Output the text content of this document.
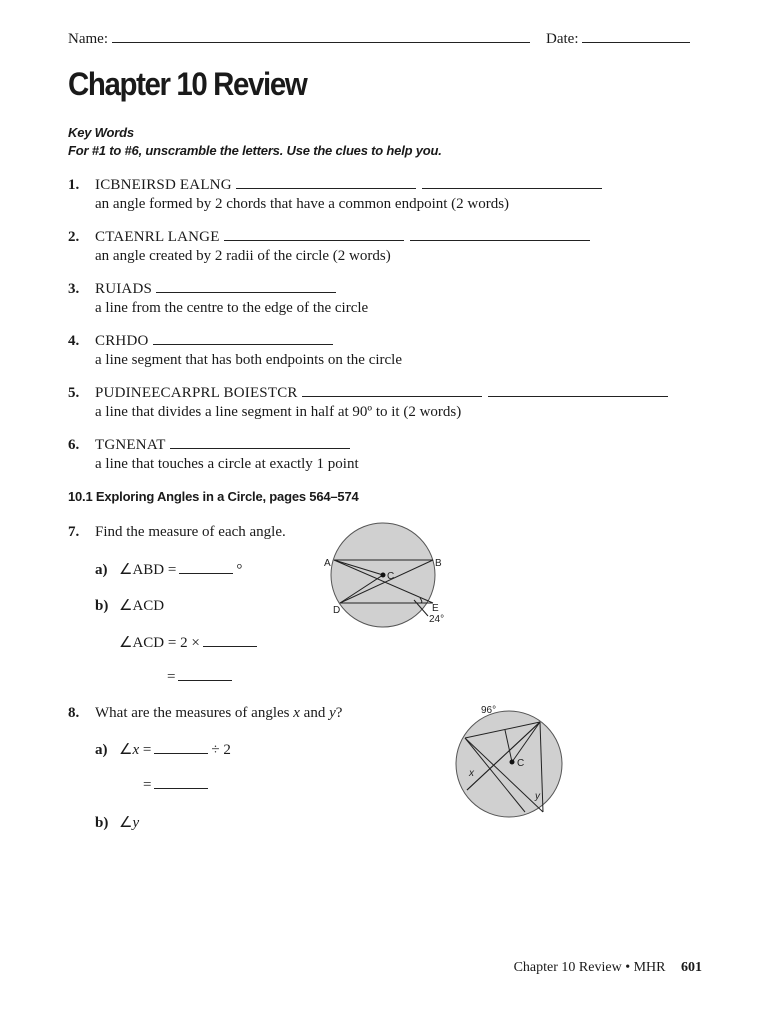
Name:	Date:
Chapter 10 Review
Key Words
For #1 to #6, unscramble the letters. Use the clues to help you.
1. ICBNEIRSD EALNG
an angle formed by 2 chords that have a common endpoint (2 words)
2. CTAENRL LANGE
an angle created by 2 radii of the circle (2 words)
3. RUIADS
a line from the centre to the edge of the circle
4. CRHDO
a line segment that has both endpoints on the circle
5. PUDINEECARPRL BOIESTCR
a line that divides a line segment in half at 90º to it (2 words)
6. TGNENAT
a line that touches a circle at exactly 1 point
10.1 Exploring Angles in a Circle, pages 564–574
7. Find the measure of each angle.
a) ∠ABD =	°
b) ∠ACD
∠ACD = 2 ×
=
A	B
C
D	E
24°
8. What are the measures of angles x and y?
a) ∠x =	÷ 2
=
b) ∠y
96°
C
x
y
Chapter 10 Review • MHR 601
